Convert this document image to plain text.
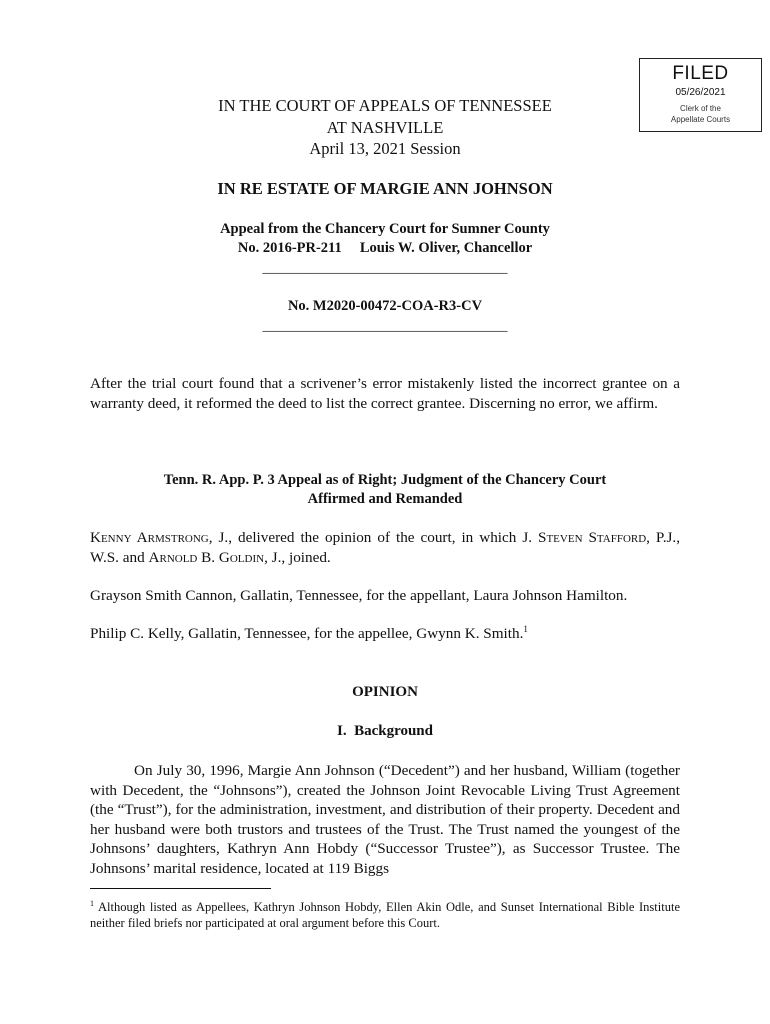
FILED
05/26/2021
Clerk of the
Appellate Courts
IN THE COURT OF APPEALS OF TENNESSEE
AT NASHVILLE
April 13, 2021 Session
IN RE ESTATE OF MARGIE ANN JOHNSON
Appeal from the Chancery Court for Sumner County
No. 2016-PR-211     Louis W. Oliver, Chancellor
___________________________________
No. M2020-00472-COA-R3-CV
___________________________________
After the trial court found that a scrivener’s error mistakenly listed the incorrect grantee on a warranty deed, it reformed the deed to list the correct grantee. Discerning no error, we affirm.
Tenn. R. App. P. 3 Appeal as of Right; Judgment of the Chancery Court
Affirmed and Remanded
Kenny Armstrong, J., delivered the opinion of the court, in which J. Steven Stafford, P.J., W.S. and Arnold B. Goldin, J., joined.
Grayson Smith Cannon, Gallatin, Tennessee, for the appellant, Laura Johnson Hamilton.
Philip C. Kelly, Gallatin, Tennessee, for the appellee, Gwynn K. Smith.$^1$
OPINION
I.  Background
On July 30, 1996, Margie Ann Johnson (“Decedent”) and her husband, William (together with Decedent, the “Johnsons”), created the Johnson Joint Revocable Living Trust Agreement (the “Trust”), for the administration, investment, and distribution of their property. Decedent and her husband were both trustors and trustees of the Trust. The Trust named the youngest of the Johnsons’ daughters, Kathryn Ann Hobdy (“Successor Trustee”), as Successor Trustee. The Johnsons’ marital residence, located at 119 Biggs
$^1$ Although listed as Appellees, Kathryn Johnson Hobdy, Ellen Akin Odle, and Sunset International Bible Institute neither filed briefs nor participated at oral argument before this Court.
